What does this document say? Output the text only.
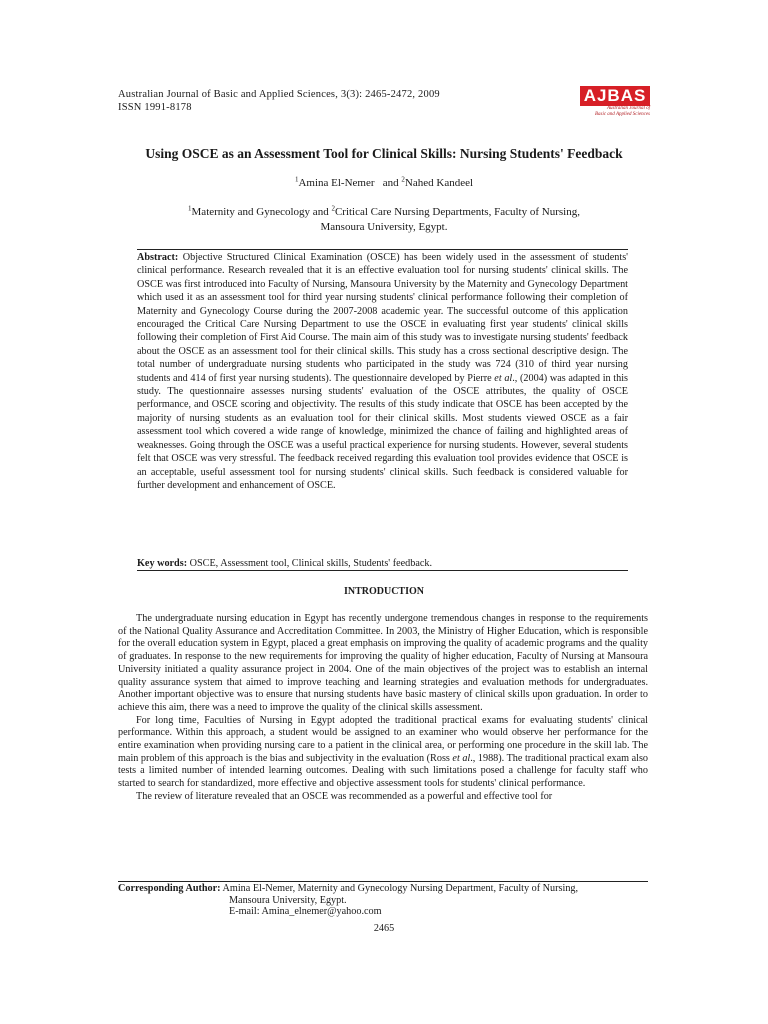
Australian Journal of Basic and Applied Sciences, 3(3): 2465-2472, 2009
ISSN 1991-8178
AJBAS
Australian Journal of
Basic and Applied Sciences
Using OSCE as an Assessment Tool for Clinical Skills: Nursing Students' Feedback
$^1$Amina El-Nemer and $^2$Nahed Kandeel
$^1$Maternity and Gynecology and $^2$Critical Care Nursing Departments, Faculty of Nursing,
Mansoura University, Egypt.
Abstract: Objective Structured Clinical Examination (OSCE) has been widely used in the assessment of students' clinical performance. Research revealed that it is an effective evaluation tool for nursing students' clinical skills. The OSCE was first introduced into Faculty of Nursing, Mansoura University by the Maternity and Gynecology Department which used it as an assessment tool for third year nursing students' clinical performance following their completion of Maternity and Gynecology Course during the 2007-2008 academic year. The successful outcome of this application encouraged the Critical Care Nursing Department to use the OSCE in evaluating first year students' clinical skills following their completion of First Aid Course. The main aim of this study was to investigate nursing students' feedback about the OSCE as an assessment tool for their clinical skills. This study has a cross sectional descriptive design. The total number of undergraduate nursing students who participated in the study was 724 (310 of third year nursing students and 414 of first year nursing students). The questionnaire developed by Pierre et al., (2004) was adapted in this study. The questionnaire assesses nursing students' evaluation of the OSCE attributes, the quality of OSCE performance, and OSCE scoring and objectivity. The results of this study indicate that OSCE has been accepted by the majority of nursing students as an evaluation tool for their clinical skills. Most students viewed OSCE as a fair assessment tool which covered a wide range of knowledge, minimized the chance of failing and highlighted areas of weaknesses. Going through the OSCE was a useful practical experience for nursing students. However, several students felt that OSCE was very stressful. The feedback received regarding this evaluation tool provides evidence that OSCE is an acceptable, useful assessment tool for nursing students' clinical skills. Such feedback is considered valuable for further development and enhancement of OSCE.
Key words: OSCE, Assessment tool, Clinical skills, Students' feedback.
INTRODUCTION

The undergraduate nursing education in Egypt has recently undergone tremendous changes in response to the requirements of the National Quality Assurance and Accreditation Committee. In 2003, the Ministry of Higher Education, which is responsible for the overall education system in Egypt, placed a great emphasis on improving the quality of academic programs and the quality of graduates. In response to the new requirements for improving the quality of higher education, Faculty of Nursing at Mansoura University initiated a quality assurance project in 2004. One of the main objectives of the project was to establish an internal quality assurance system that aimed to improve teaching and learning strategies and evaluation methods for undergraduates. Another important objective was to ensure that nursing students have basic mastery of clinical skills upon graduation. In order to achieve this aim, there was a need to improve the quality of the clinical skills assessment.

For long time, Faculties of Nursing in Egypt adopted the traditional practical exams for evaluating students' clinical performance. Within this approach, a student would be assigned to an examiner who would observe her performance for the entire examination when providing nursing care to a patient in the clinical area, or performing one procedure in the skill lab. The main problem of this approach is the bias and subjectivity in the evaluation (Ross et al., 1988). The traditional practical exam also tests a limited number of intended learning outcomes. Dealing with such limitations posed a challenge for faculty staff who started to search for standardized, more effective and objective assessment tools for students' clinical performance.

The review of literature revealed that an OSCE was recommended as a powerful and effective tool for

Corresponding Author: Amina El-Nemer, Maternity and Gynecology Nursing Department, Faculty of Nursing,
Mansoura University, Egypt.
E-mail: Amina_elnemer@yahoo.com
2465
